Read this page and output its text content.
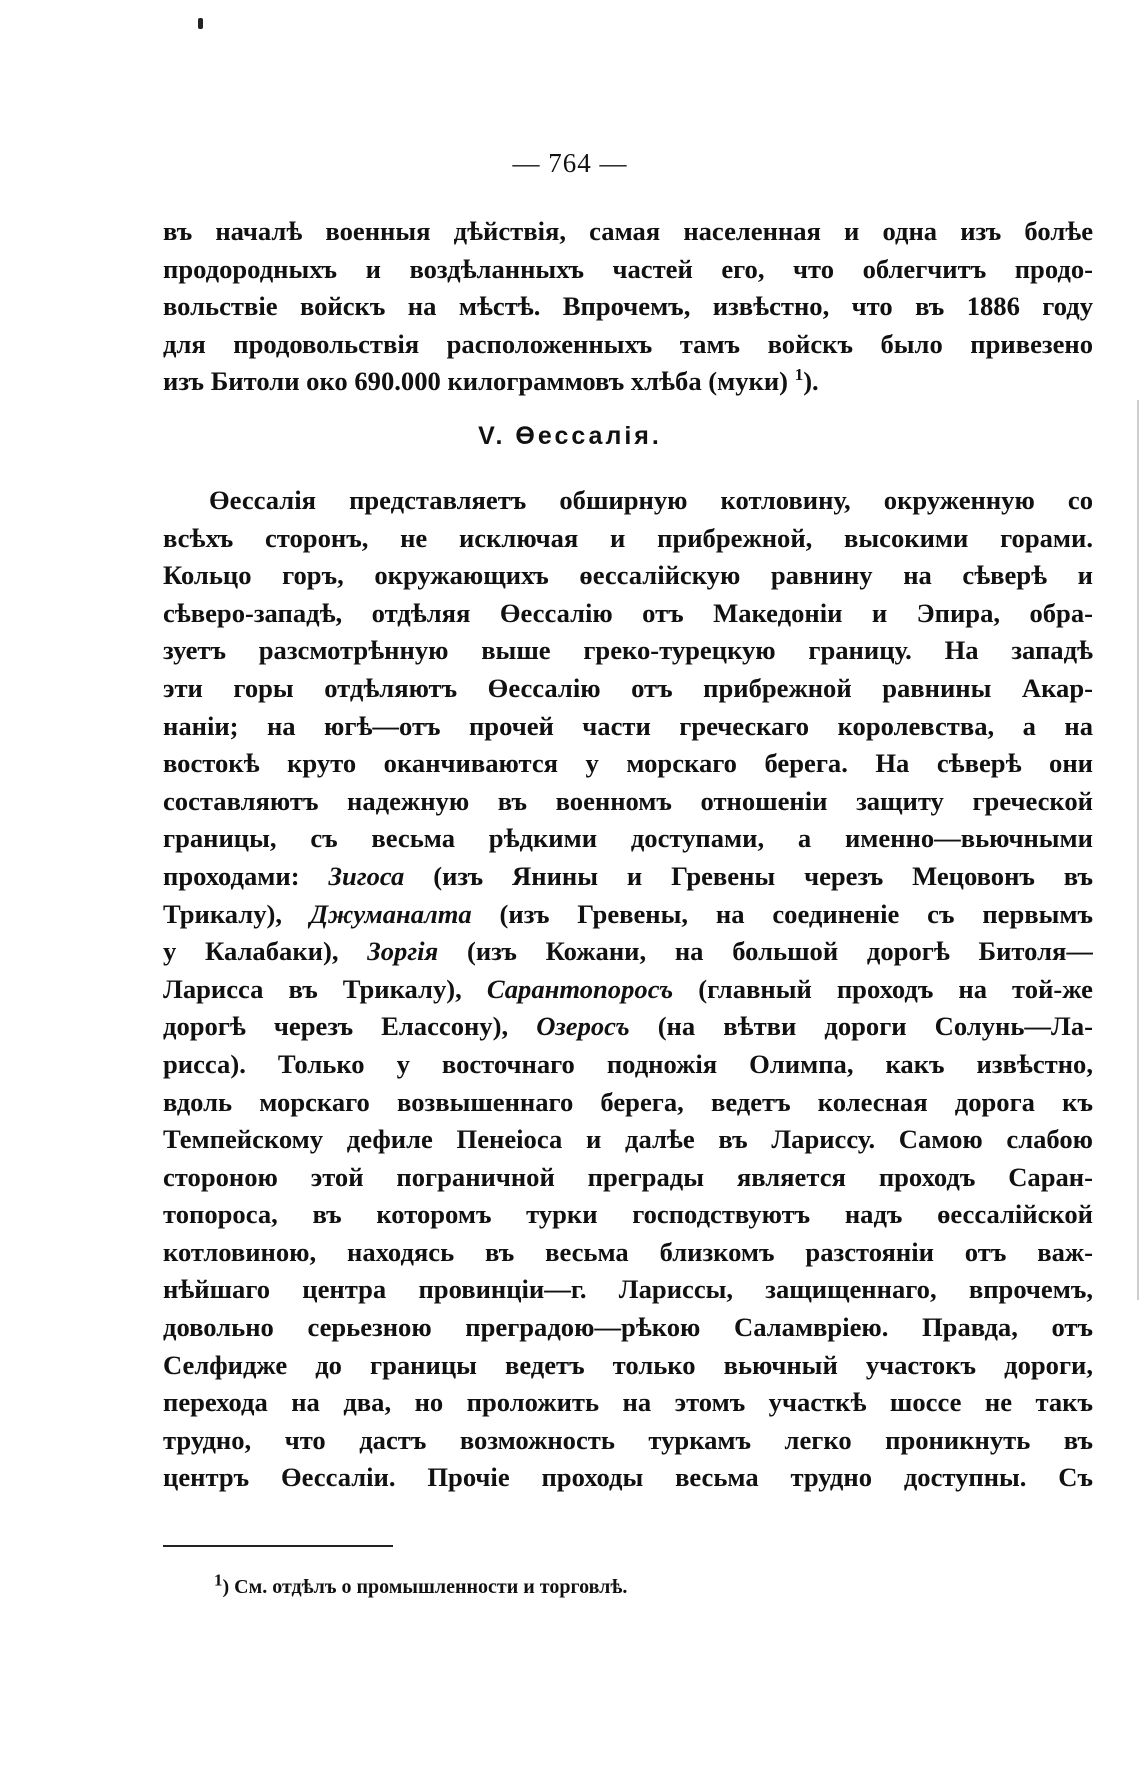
— 764 —
въ началѣ военныя дѣйствія, самая населенная и одна изъ болѣе
продородныхъ и воздѣланныхъ частей его, что облегчитъ продо-
вольствіе войскъ на мѣстѣ. Впрочемъ, извѣстно, что въ 1886 году
для продовольствія расположенныхъ тамъ войскъ было привезено
изъ Битоли око 690.000 килограммовъ хлѣба (муки) $^1$).
V. Өессалія.
Өессалія представляетъ обширную котловину, окруженную со
всѣхъ сторонъ, не исключая и прибрежной, высокими горами.
Кольцо горъ, окружающихъ өессалійскую равнину на сѣверѣ и
сѣверо-западѣ, отдѣляя Өессалію отъ Македоніи и Эпира, обра-
зуетъ разсмотрѣнную выше греко-турецкую границу. На западѣ
эти горы отдѣляютъ Өессалію отъ прибрежной равнины Акар-
наніи; на югѣ—отъ прочей части греческаго королевства, а на
востокѣ круто оканчиваются у морскаго берега. На сѣверѣ они
составляютъ надежную въ военномъ отношеніи защиту греческой
границы, съ весьма рѣдкими доступами, а именно—вьючными
проходами: Зигоса (изъ Янины и Гревены черезъ Мецовонъ въ
Трикалу), Джуманалта (изъ Гревены, на соединеніе съ первымъ
у Калабаки), Зоргія (изъ Кожани, на большой дорогѣ Битоля—
Ларисса въ Трикалу), Сарантопоросъ (главный проходъ на той-же
дорогѣ черезъ Елассону), Озеросъ (на вѣтви дороги Солунь—Ла-
рисса). Только у восточнаго подножія Олимпа, какъ извѣстно,
вдоль морскаго возвышеннаго берега, ведетъ колесная дорога къ
Темпейскому дефиле Пенеіоса и далѣе въ Лариссу. Самою слабою
стороною этой пограничной преграды является проходъ Саран-
топороса, въ которомъ турки господствуютъ надъ өессалійской
котловиною, находясь въ весьма близкомъ разстояніи отъ важ-
нѣйшаго центра провинціи—г. Лариссы, защищеннаго, впрочемъ,
довольно серьезною преградою—рѣкою Саламвріею. Правда, отъ
Селфидже до границы ведетъ только вьючный участокъ дороги,
перехода на два, но проложить на этомъ участкѣ шоссе не такъ
трудно, что дастъ возможность туркамъ легко проникнуть въ
центръ Өессаліи. Прочіе проходы весьма трудно доступны. Съ
$^1$) См. отдѣлъ о промышленности и торговлѣ.
